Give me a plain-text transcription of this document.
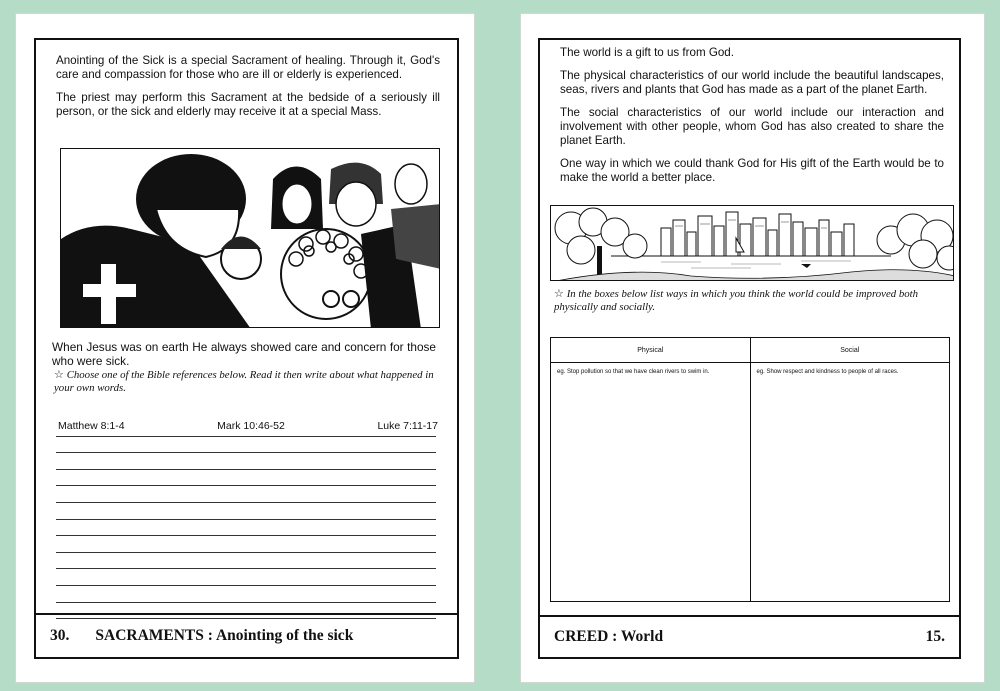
Anointing of the Sick is a special Sacrament of healing. Through it, God's care and compassion for those who are ill or elderly is experienced.

The priest may perform this Sacrament at the bedside of a seriously ill person, or the sick and elderly may receive it at a special Mass.

When Jesus was on earth He always showed care and concern for those who were sick.
☆ Choose one of the Bible references below. Read it then write about what happened in your own words.
Matthew 8:1-4	Mark 10:46-52	Luke 7:11-17
30. SACRAMENTS : Anointing of the sick

The world is a gift to us from God.

The physical characteristics of our world include the beautiful landscapes, seas, rivers and plants that God has made as a part of the planet Earth.

The social characteristics of our world include our interaction and involvement with other people, whom God has also created to share the planet Earth.

One way in which we could thank God for His gift of the Earth would be to make the world a better place.

☆ In the boxes below list ways in which you think the world could be improved both physically and socially.
Physical	Social
eg. Stop pollution so that we have clean rivers to swim in.	eg. Show respect and kindness to people of all races.
CREED : World	15.
